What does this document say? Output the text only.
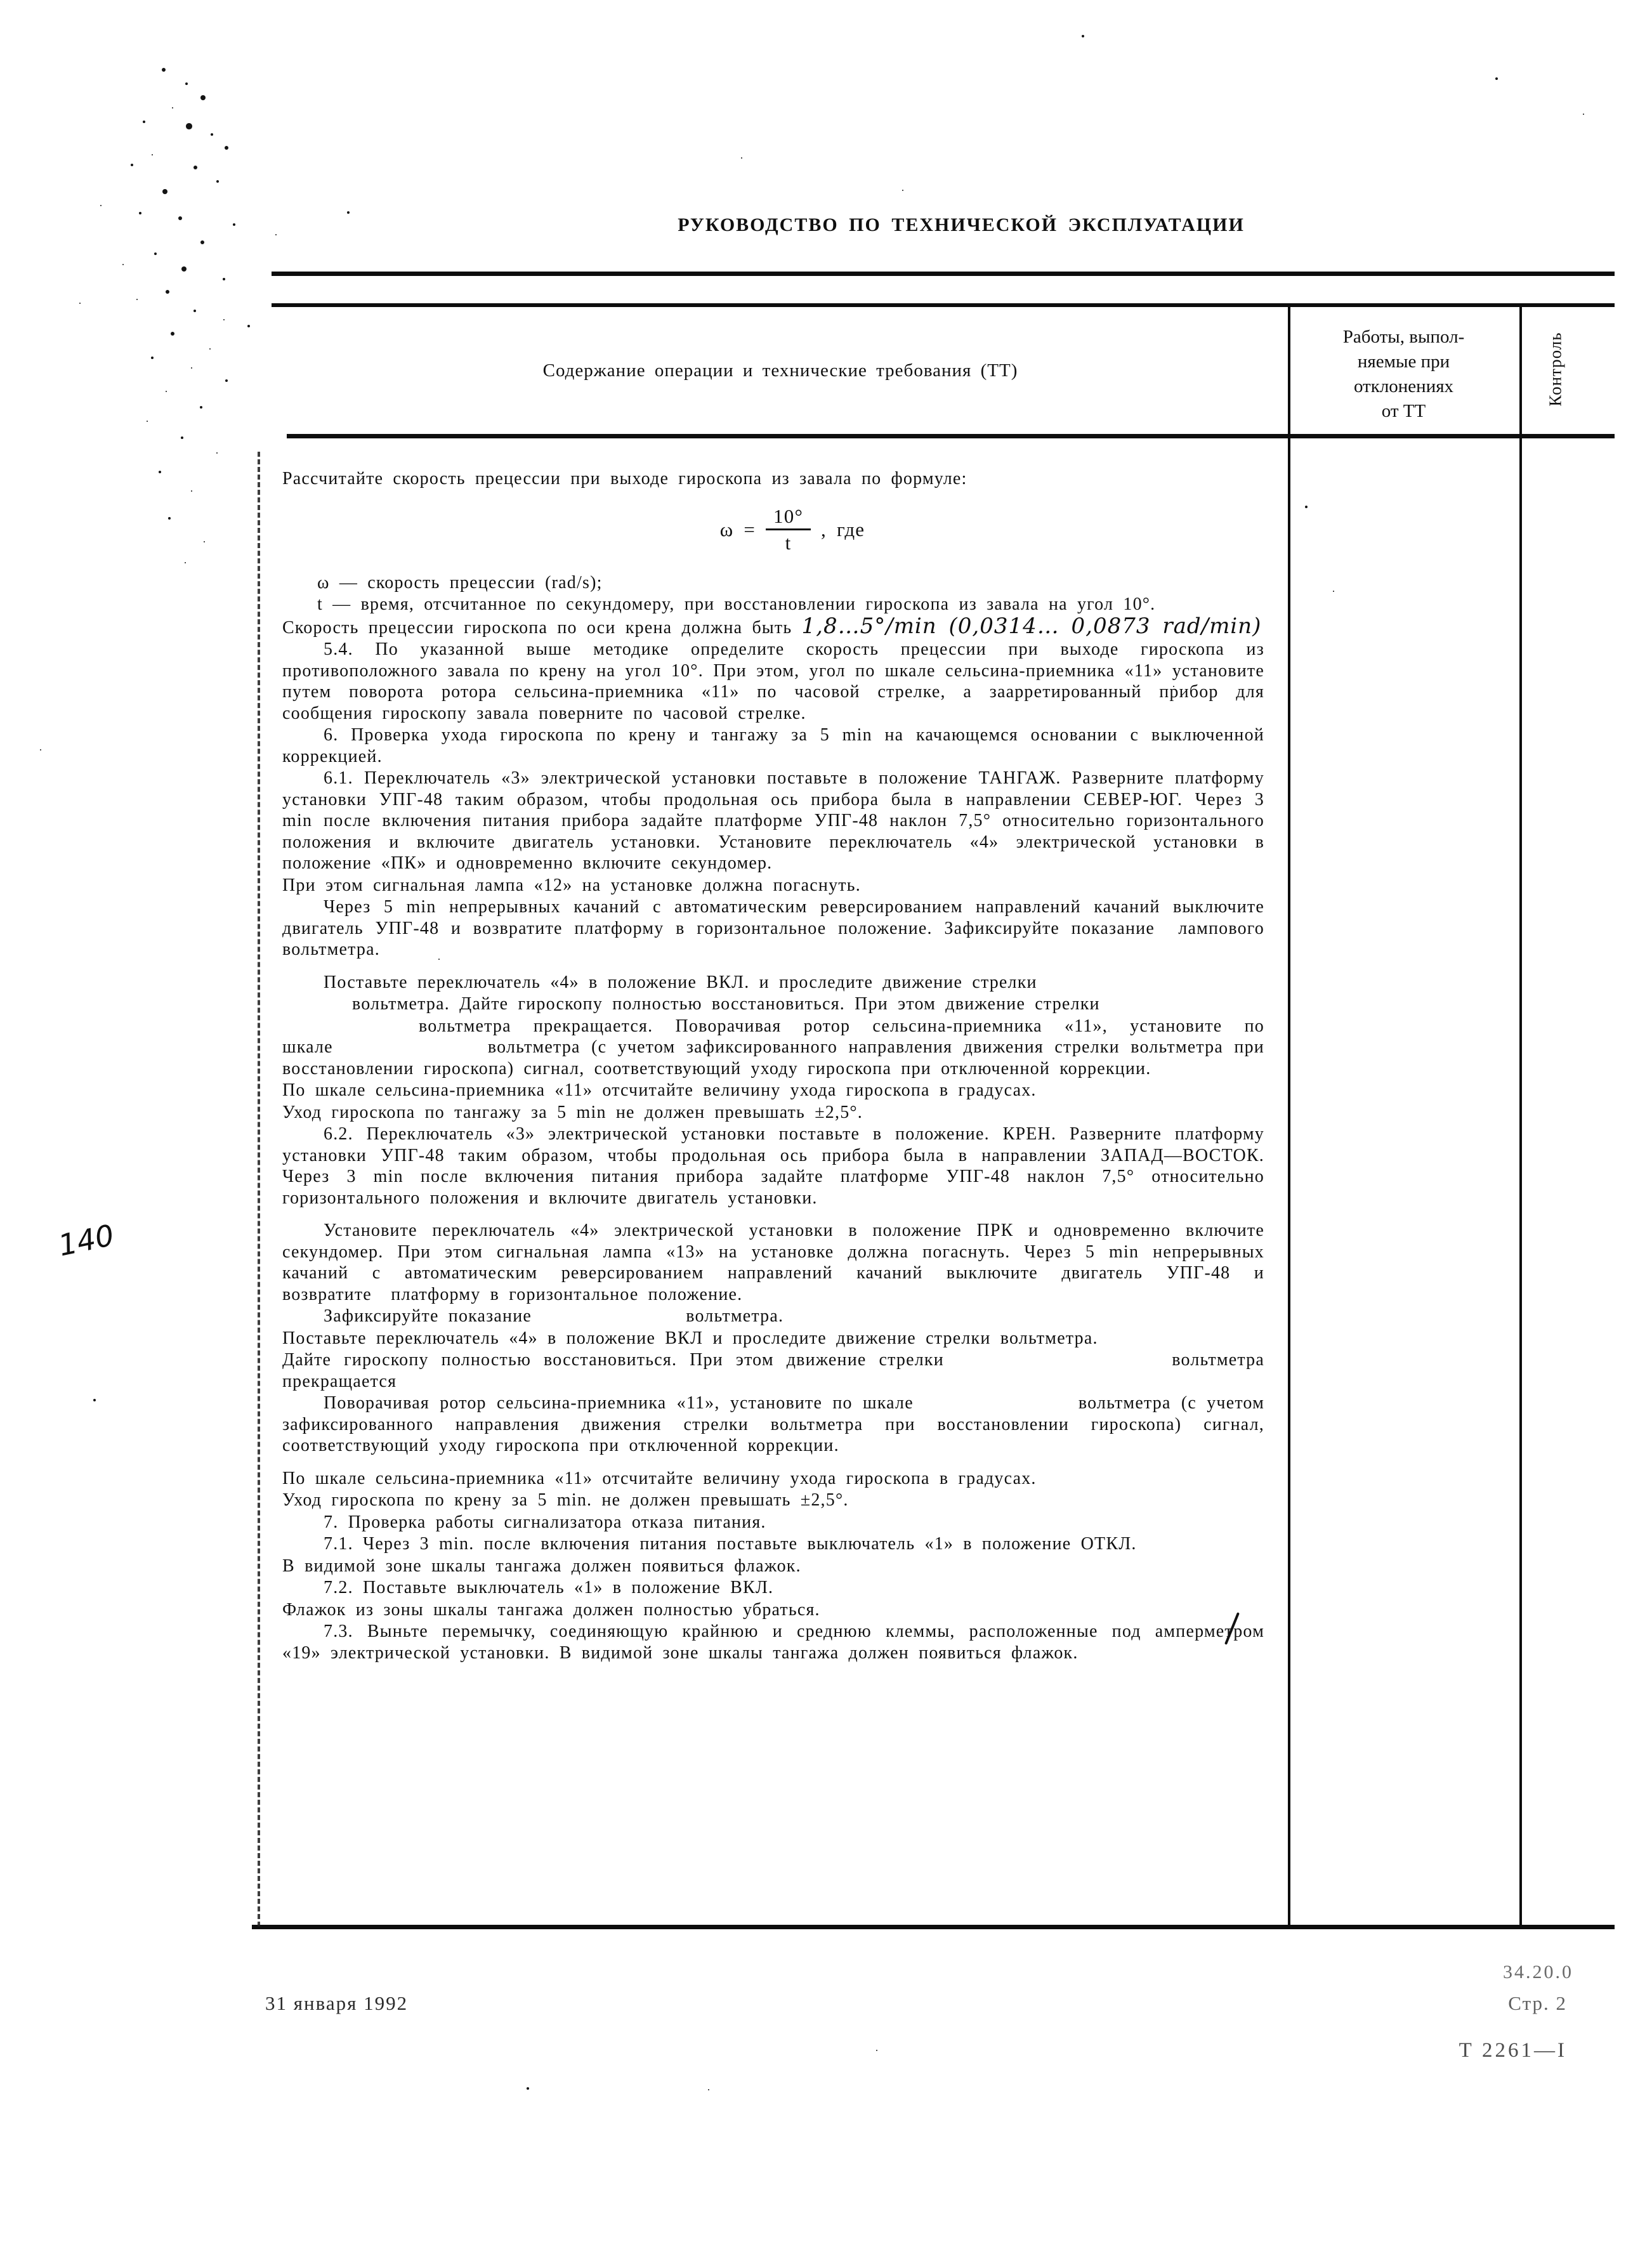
РУКОВОДСТВО ПО ТЕХНИЧЕСКОЙ ЭКСПЛУАТАЦИИ
Содержание операции и технические требования (ТТ)
Работы, выпол-
няемые при
отклонениях
от ТТ
Контроль

Рассчитайте скорость прецессии при выходе гироскопа из завала по формуле:

$\omega = \frac{10^\circ}{t}$ , где

ω — скорость прецессии (rad/s);

t — время, отсчитанное по секундомеру, при восстановлении гироскопа из завала на угол 10°.

Скорость прецессии гироскопа по оси крена должна быть 1,8…5°/min (0,0314… 0,0873 rad/min)

5.4. По указанной выше методике определите скорость прецессии при выходе гироскопа из противоположного завала по крену на угол 10°. При этом, угол по шкале сельсина-приемника «11» установите путем поворота ротора сельсина-приемника «11» по часовой стрелке, а заарретированный прибор для сообщения гироскопу завала поверните по часовой стрелке.

6. Проверка ухода гироскопа по крену и тангажу за 5 min на качающемся основании с выключенной коррекцией.

6.1. Переключатель «3» электрической установки поставьте в положение ТАНГАЖ. Разверните платформу установки УПГ-48 таким образом, чтобы продольная ось прибора была в направлении СЕВЕР-ЮГ. Через 3 min после включения питания прибора задайте платформе УПГ-48 наклон 7,5° относительно горизонтального положения и включите двигатель установки. Установите переключатель «4» электрической установки в положение «ПК» и одновременно включите секундомер.

При этом сигнальная лампа «12» на установке должна погаснуть.

Через 5 min непрерывных качаний с автоматическим реверсированием направлений качаний выключите двигатель УПГ-48 и возвратите платформу в горизонтальное положение. Зафиксируйте показание  лампового вольтметра.

Поставьте переключатель «4» в положение ВКЛ. и проследите движение стрелки

вольтметра. Дайте гироскопу полностью восстановиться. При этом движение стрелки

вольтметра прекращается. Поворачивая ротор сельсина-приемника «11», установите по шкале              вольтметра (с учетом зафиксированного направления движения стрелки вольтметра при восстановлении гироскопа) сигнал, соответствующий уходу гироскопа при отключенной коррекции.

По шкале сельсина-приемника «11» отсчитайте величину ухода гироскопа в градусах.

Уход гироскопа по тангажу за 5 min не должен превышать ±2,5°.

6.2. Переключатель «3» электрической установки поставьте в положение. КРЕН. Разверните платформу установки УПГ-48 таким образом, чтобы продольная ось прибора была в направлении ЗАПАД—ВОСТОК. Через 3 min после включения питания прибора задайте платформе УПГ-48 наклон 7,5° относительно горизонтального положения и включите двигатель установки.

Установите переключатель «4» электрической установки в положение ПРК и одновременно включите секундомер. При этом сигнальная лампа «13» на установке должна погаснуть. Через 5 min непрерывных качаний с автоматическим реверсированием направлений качаний выключите двигатель УПГ-48 и возвратите  платформу в горизонтальное положение.

Зафиксируйте показание                вольтметра.

Поставьте переключатель «4» в положение ВКЛ и проследите движение стрелки вольтметра.

Дайте гироскопу полностью восстановиться. При этом движение стрелки                  вольтметра прекращается

Поворачивая ротор сельсина-приемника «11», установите по шкале                вольтметра (с учетом зафиксированного направления движения стрелки вольтметра при восстановлении гироскопа) сигнал, соответствующий уходу гироскопа при отключенной коррекции.

По шкале сельсина-приемника «11» отсчитайте величину ухода гироскопа в градусах.

Уход гироскопа по крену за 5 min. не должен превышать ±2,5°.

7. Проверка работы сигнализатора отказа питания.

7.1. Через 3 min. после включения питания поставьте выключатель «1» в положение ОТКЛ.

В видимой зоне шкалы тангажа должен появиться флажок.

7.2. Поставьте выключатель «1» в положение ВКЛ.

Флажок из зоны шкалы тангажа должен полностью убраться.

7.3. Выньте перемычку, соединяющую крайнюю и среднюю клеммы, расположенные под амперметром «19» электрической установки. В видимой зоне шкалы тангажа должен появиться флажок.

140
31 января 1992
34.20.0
Стр. 2
Т 2261—I
